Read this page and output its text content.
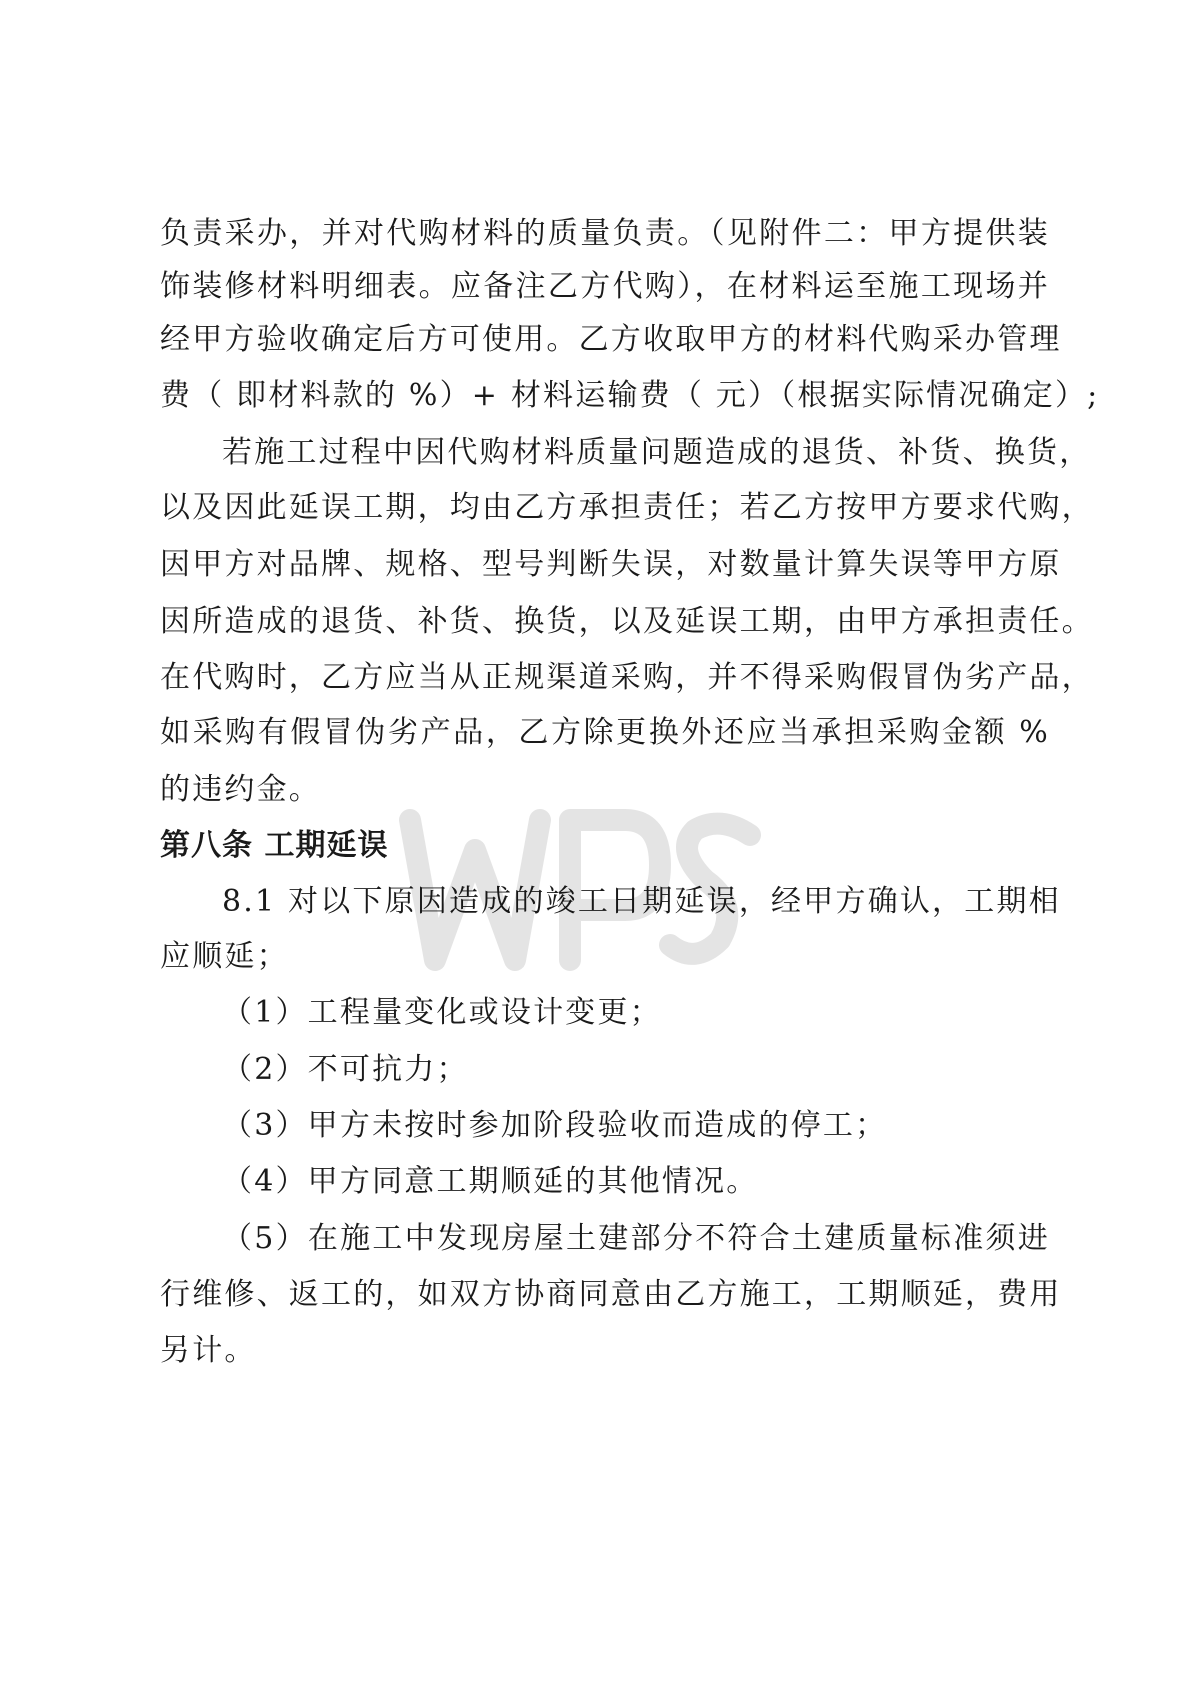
负责采办，并对代购材料的质量负责。（见附件二：甲方提供装
饰装修材料明细表。应备注乙方代购），在材料运至施工现场并
经甲方验收确定后方可使用。乙方收取甲方的材料代购采办管理
费（ 即材料款的 %）+ 材料运输费（ 元）（根据实际情况确定）;
若施工过程中因代购材料质量问题造成的退货、补货、换货，
以及因此延误工期，均由乙方承担责任；若乙方按甲方要求代购，
因甲方对品牌、规格、型号判断失误，对数量计算失误等甲方原
因所造成的退货、补货、换货，以及延误工期，由甲方承担责任。
在代购时，乙方应当从正规渠道采购，并不得采购假冒伪劣产品，
如采购有假冒伪劣产品，乙方除更换外还应当承担采购金额 %
的违约金。
第八条 工期延误
8.1 对以下原因造成的竣工日期延误，经甲方确认，工期相
应顺延；
（1）工程量变化或设计变更；
（2）不可抗力；
（3）甲方未按时参加阶段验收而造成的停工；
（4）甲方同意工期顺延的其他情况。
（5）在施工中发现房屋土建部分不符合土建质量标准须进
行维修、返工的，如双方协商同意由乙方施工，工期顺延，费用
另计。
